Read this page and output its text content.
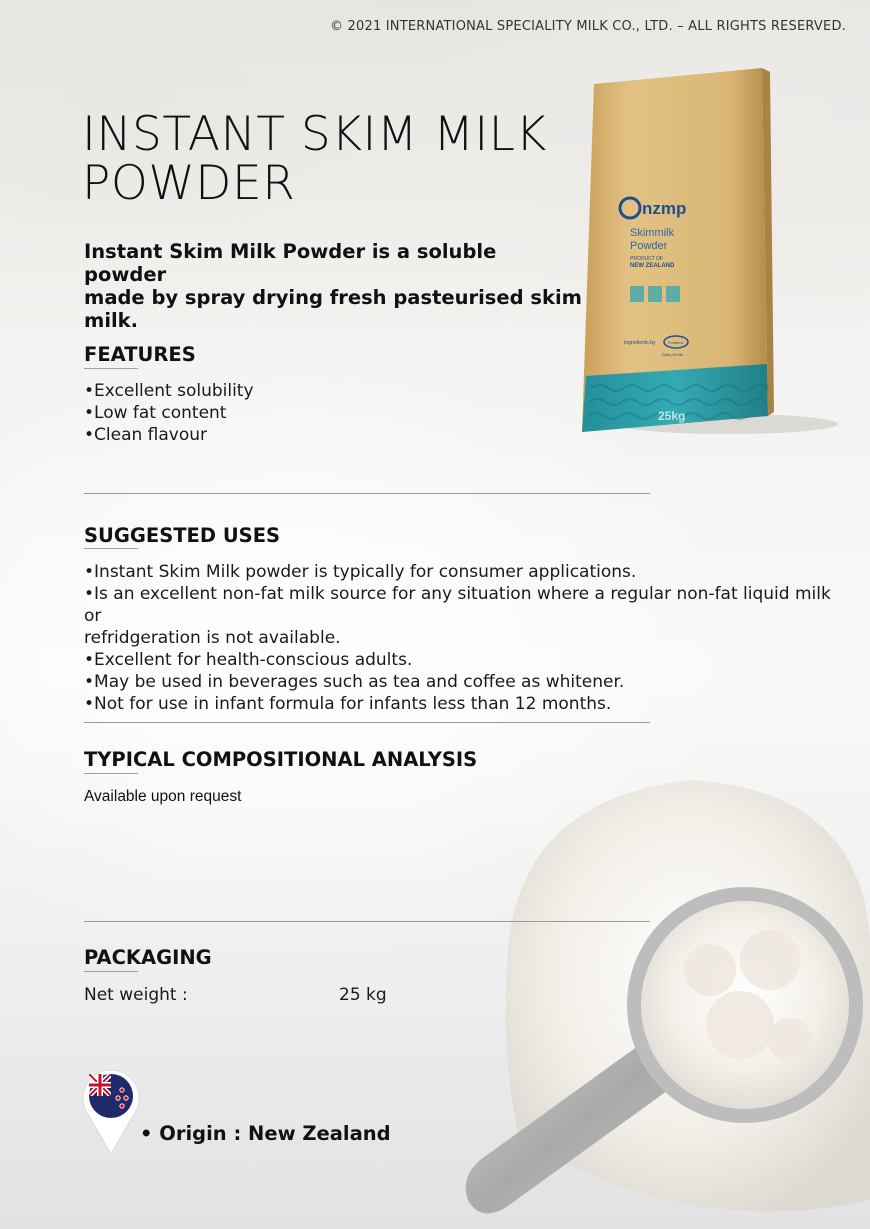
© 2021 INTERNATIONAL SPECIALITY MILK CO., LTD. – ALL RIGHTS RESERVED.
nzmp
Skimmilk
Powder
PRODUCT OF
NEW ZEALAND
Ingredients by	Fonterra
Dairy for life
25kg
INSTANT SKIM MILK
POWDER
Instant Skim Milk Powder is a soluble powder
made by spray drying fresh pasteurised skim milk.
FEATURES
•Excellent solubility
•Low fat content
•Clean flavour
SUGGESTED USES
•Instant Skim Milk powder is typically for consumer applications.
•Is an excellent non-fat milk source for any situation where a regular non-fat liquid milk or
refridgeration is not available.
•Excellent for health-conscious adults.
•May be used in beverages such as tea and coffee as whitener.
•Not for use in infant formula for infants less than 12 months.
TYPICAL COMPOSITIONAL ANALYSIS
Available upon request
PACKAGING
Net weight :	25 kg
• Origin : New Zealand
